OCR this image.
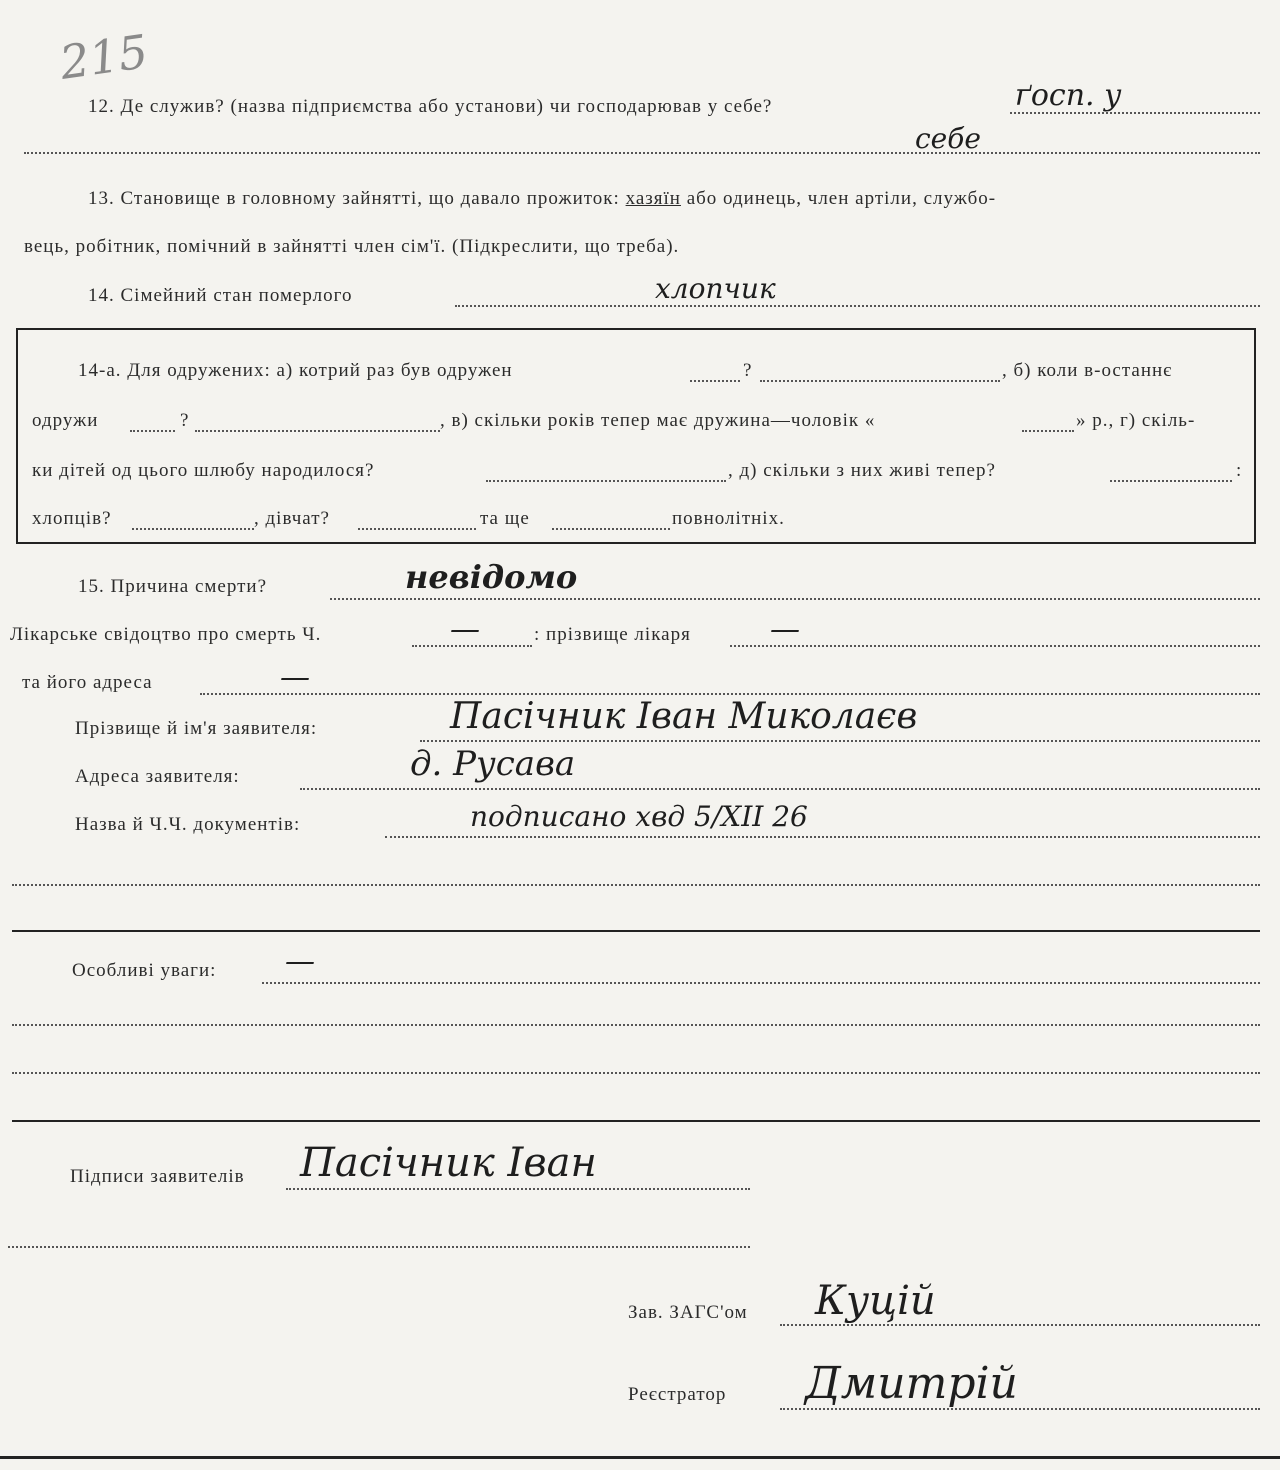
215
12. Де служив? (назва підприємства або установи) чи господарював у себе?	ґосп. у
себе
13. Становище в головному зайнятті, що давало прожиток: хазяїн або одинець, член артіли, службо-
вець, робітник, помічний в зайнятті член сім'ї. (Підкреслити, що треба).
14. Сімейний стан померлого	хлопчик
14-а. Для одружених: а) котрий раз був одружен	?	, б) коли в-останнє
одружи	?	, в) скільки років тепер має дружина—чоловік «	» р., г) скіль-
ки дітей од цього шлюбу народилося?	, д) скільки з них живі тепер?	:
хлопців?	, дівчат?	та ще	повнолітніх.
15. Причина смерти?	невідомо
Лікарське свідоцтво про смерть Ч.	—	: прізвище лікаря	—
та його адреса	—
Прізвище й ім'я заявителя:	Пасічник Іван Миколаєв
Адреса заявителя:	д. Русава
Назва й Ч.Ч. документів:	подписано хвд 5/XII 26
Особливі уваги: —
Підписи заявителів Пасічник Іван
Зав. ЗАГС'ом Куцій
Реєстратор Дмитрій
